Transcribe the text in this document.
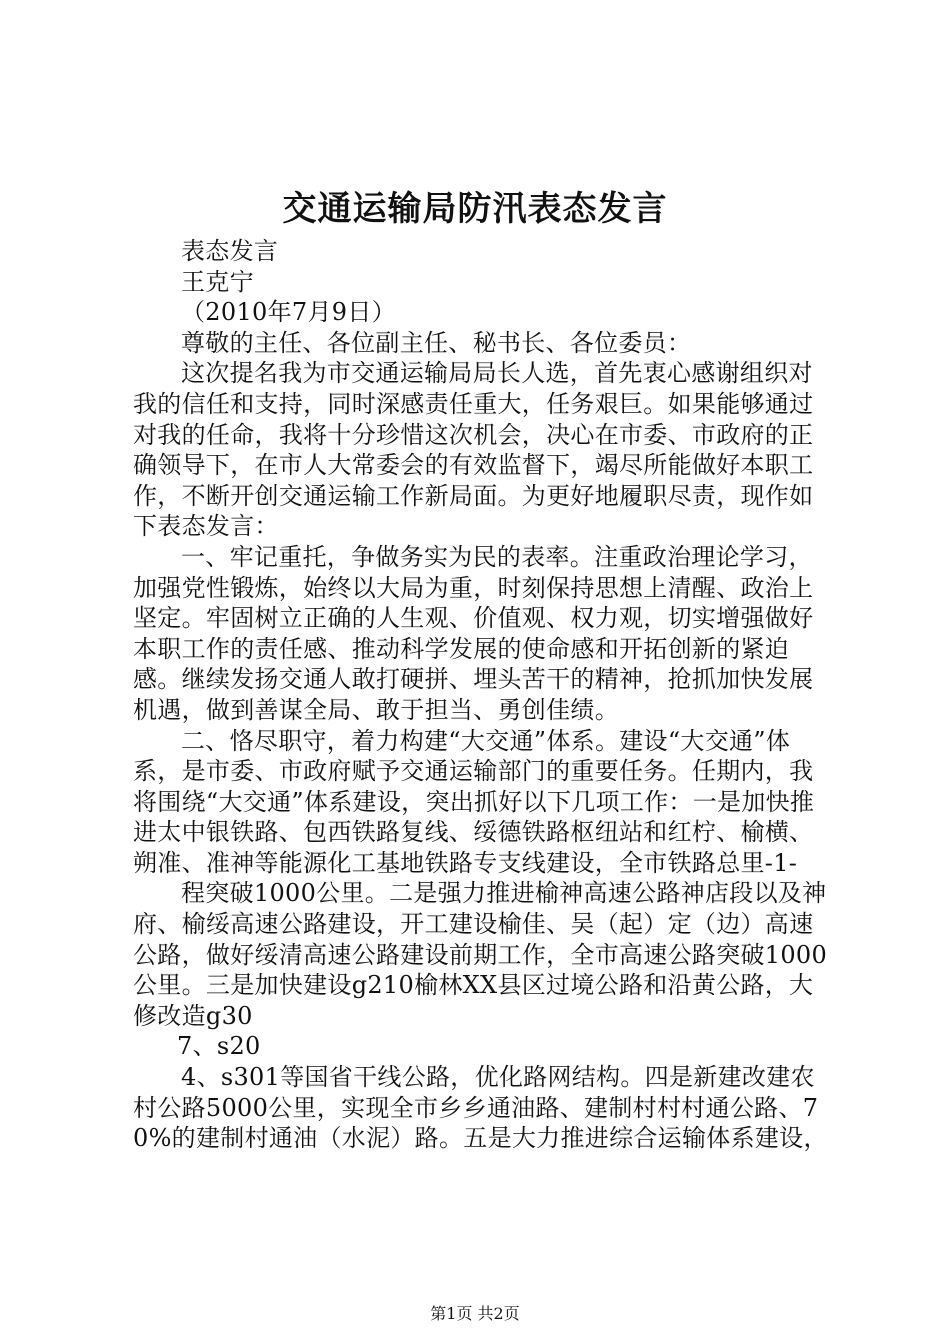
交通运输局防汛表态发言

表态发言

王克宁

（2010年7月9日）

尊敬的主任、各位副主任、秘书长、各位委员：

这次提名我为市交通运输局局长人选，首先衷心感谢组织对我的信任和支持，同时深感责任重大，任务艰巨。如果能够通过对我的任命，我将十分珍惜这次机会，决心在市委、市政府的正确领导下，在市人大常委会的有效监督下，竭尽所能做好本职工作，不断开创交通运输工作新局面。为更好地履职尽责，现作如下表态发言：

一、牢记重托，争做务实为民的表率。注重政治理论学习，加强党性锻炼，始终以大局为重，时刻保持思想上清醒、政治上坚定。牢固树立正确的人生观、价值观、权力观，切实增强做好本职工作的责任感、推动科学发展的使命感和开拓创新的紧迫感。继续发扬交通人敢打硬拼、埋头苦干的精神，抢抓加快发展机遇，做到善谋全局、敢于担当、勇创佳绩。

二、恪尽职守，着力构建“大交通”体系。建设“大交通”体系，是市委、市政府赋予交通运输部门的重要任务。任期内，我将围绕“大交通”体系建设，突出抓好以下几项工作：一是加快推进太中银铁路、包西铁路复线、绥德铁路枢纽站和红柠、榆横、朔准、准神等能源化工基地铁路专支线建设，全市铁路总里-1-

程突破1000公里。二是强力推进榆神高速公路神店段以及神府、榆绥高速公路建设，开工建设榆佳、吴（起）定（边）高速公路，做好绥清高速公路建设前期工作，全市高速公路突破1000公里。三是加快建设g210榆林XX县区过境公路和沿黄公路，大修改造g30

7、s20

4、s301等国省干线公路，优化路网结构。四是新建改建农村公路5000公里，实现全市乡乡通油路、建制村村村通公路、70%的建制村通油（水泥）路。五是大力推进综合运输体系建设，

第1页 共2页
